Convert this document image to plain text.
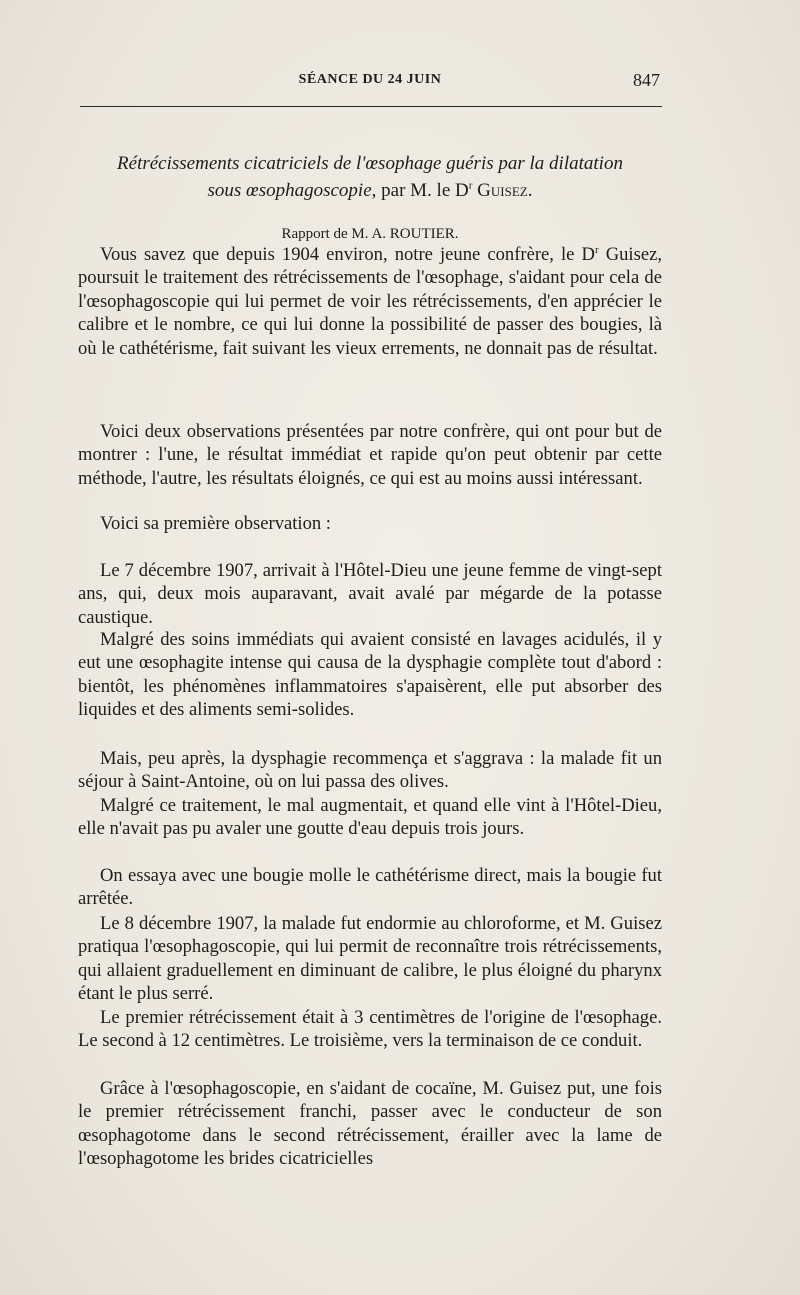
SÉANCE DU 24 JUIN	847
Rétrécissements cicatriciels de l'œsophage guéris par la dilatation
sous œsophagoscopie, par M. le $D^r$ Guisez.
Rapport de M. A. ROUTIER.

Vous savez que depuis 1904 environ, notre jeune confrère, le $D^r$ Guisez, poursuit le traitement des rétrécissements de l'œsophage, s'aidant pour cela de l'œsophagoscopie qui lui permet de voir les rétrécissements, d'en apprécier le calibre et le nombre, ce qui lui donne la possibilité de passer des bougies, là où le cathétérisme, fait suivant les vieux errements, ne donnait pas de résultat.

Voici deux observations présentées par notre confrère, qui ont pour but de montrer : l'une, le résultat immédiat et rapide qu'on peut obtenir par cette méthode, l'autre, les résultats éloignés, ce qui est au moins aussi intéressant.

Voici sa première observation :

Le 7 décembre 1907, arrivait à l'Hôtel-Dieu une jeune femme de vingt-sept ans, qui, deux mois auparavant, avait avalé par mégarde de la potasse caustique.

Malgré des soins immédiats qui avaient consisté en lavages acidulés, il y eut une œsophagite intense qui causa de la dysphagie complète tout d'abord : bientôt, les phénomènes inflammatoires s'apaisèrent, elle put absorber des liquides et des aliments semi-solides.

Mais, peu après, la dysphagie recommença et s'aggrava : la malade fit un séjour à Saint-Antoine, où on lui passa des olives.

Malgré ce traitement, le mal augmentait, et quand elle vint à l'Hôtel-Dieu, elle n'avait pas pu avaler une goutte d'eau depuis trois jours.

On essaya avec une bougie molle le cathétérisme direct, mais la bougie fut arrêtée.

Le 8 décembre 1907, la malade fut endormie au chloroforme, et M. Guisez pratiqua l'œsophagoscopie, qui lui permit de reconnaître trois rétrécissements, qui allaient graduellement en diminuant de calibre, le plus éloigné du pharynx étant le plus serré.

Le premier rétrécissement était à 3 centimètres de l'origine de l'œsophage. Le second à 12 centimètres. Le troisième, vers la terminaison de ce conduit.

Grâce à l'œsophagoscopie, en s'aidant de cocaïne, M. Guisez put, une fois le premier rétrécissement franchi, passer avec le conducteur de son œsophagotome dans le second rétrécissement, érailler avec la lame de l'œsophagotome les brides cicatricielles
